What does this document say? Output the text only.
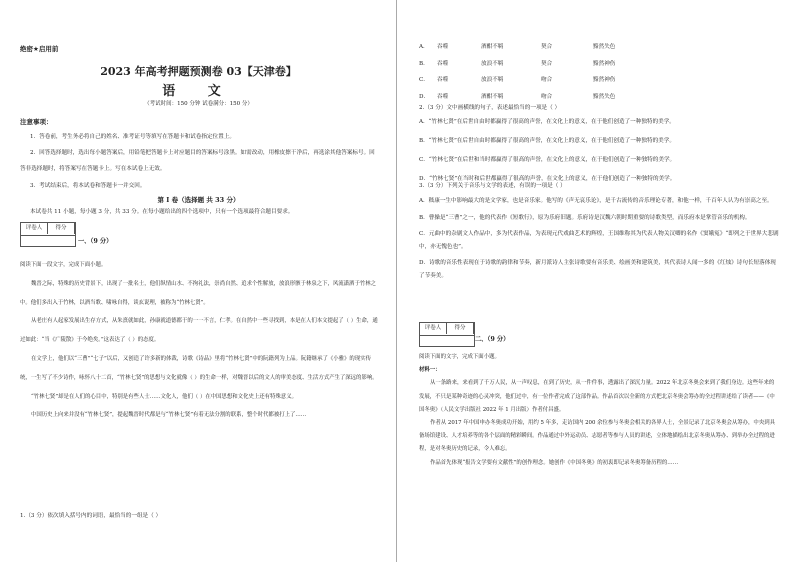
绝密★启用前
2023 年高考押题预测卷 03【天津卷】
语 文
（考试时间：150 分钟 试卷满分：150 分）
注意事项：

1．答卷前，考生务必将自己的姓名、准考证号等填写在答题卡和试卷指定位置上。

2．回答选择题时，选出每小题答案后，用铅笔把答题卡上对应题目的答案标号涂黑。如需改动，用橡皮擦干净后，再选涂其他答案标号。回答非选择题时，将答案写在答题卡上。写在本试卷上无效。

3．考试结束后，将本试卷和答题卡一并交回。

第 I 卷（选择题 共 33 分）

本试卷共 11 小题，每小题 3 分，共 33 分。在每小题给出的四个选项中，只有一个选项最符合题目要求。

评卷人	得分
一、（9 分）

阅读下面一段文字，完成下面小题。

魏晋之际，特殊的历史背景下，出现了一批名士，他们纵情山水、不拘礼法，崇尚自然、追求个性解放，放浪形骸于林泉之下，风流潇洒于竹林之中。他们多出入于竹林，以酒当歌、啸咏自得，谈玄说理，被称为“竹林七贤”。

从老庄有人起家发展出生存方式，从朱熹就如此，孙康就道德都于的一一不言，仁孝。在自然中一些寻找到，本是在人们本文提起了（ ）生命，通过如此：“当《广陵散》于今绝矣。”这表达了（ ）的态度。

在文学上，他们以“三曹”“七子”以后，又创造了许多新的体裁，诗歌《诗品》里将“竹林七贤”中的阮籍列为上品。阮籍继承了《小雅》的现实传统，一生写了不少诗作，咏怀八十二首，“竹林七贤”的思想与文化就像（ ）的生命一样，对魏晋以后的文人的审美态度、生活方式产生了深远的影响。

“竹林七贤”却是在人们的心目中，特别是有些人士……文化人，他们（ ）在中国思想和文化史上还有特殊意义。

中国历史上向来并没有“竹林七贤”，提起魏晋时代都是与“竹林七贤”有着无法分割的联系，整个时代都被打上了……

1.（3 分）依次填入括号内的词语，最恰当的一组是（ ）
A．	吞噬	酒酣不羁	契合	黯然失色
B．	吞噬	放浪不羁	契合	黯然神伤
C．	吞噬	放浪不羁	吻合	黯然神伤
D．	吞噬	酒酣不羁	吻合	黯然失色

2.（3 分）文中画横线的句子，表述最恰当的一项是（ ）

A．“竹林七贤”在后世自由时都赢得了很高的声誉，在文化上的意义，在于他们创造了一种独特的美学。

B．“竹林七贤”在后世自由时都赢得了很高的声誉，在文化上的意义，在于他们创造了一种独特的美学。

C．“竹林七贤”在后世和当时都赢得了很高的声誉，在文化上的意义，在于他们创造了一种独特的美学。

D．“竹林七贤”在当时和后世都赢得了很高的声誉，在文化上的意义，在于他们创造了一种独特的美学。

3.（3 分）下列关于音乐与文学的表述，有误的一项是（ ）

A．嵇康一生中影响最大的是文学家，也是音乐家。他写的《声无哀乐论》，是千古流传的音乐理论专著，和他一样，千百年人认为有崇高之至。

B．曹操是“三曹”之一，他的代表作《短歌行》，原为乐府旧题。乐府诗是汉魏六朝时期重要的诗歌类型，而乐府本是掌管音乐的机构。

C．元曲中的杂剧文人作品中，多为代表作品，为表现元代戏曲艺术的辉煌，王国维称其为代表人物关汉卿的名作《窦娥冤》“即列之于世界大悲剧中，亦无愧色也”。

D．诗歌的音乐性表现在于诗歌的韵律和节奏，新月派诗人主张诗歌要有音乐美、绘画美和建筑美，其代表诗人闻一多的《红烛》诗句长短落体现了节奏美。

评卷人	得分
二、（9 分）

阅读下面的文字，完成下面小题。

材料一：

从一条路来，来看到了千万人民，从一声叹息，在到了历史，从一件件事，透露出了深沉力量。2022 年北京冬奥会来到了我们身边。这些年来的发展，不只是某种奇迹的心灵冲突，他们过中，有一位作者完成了这部作品。作品首次以全新的方式把北京冬奥会筹办的全过程讲述给了读者——《中国冬奥》（人民文学出版社 2022 年 1 月出版）作者付昌盛。

作者从 2017 年中国申办冬奥成功开始，用约 5 年多，走访国内 200 余位参与冬奥会相关的各界人士，全景记录了北京冬奥会从筹办，中央到具备场馆建设、人才培养等的各个层面的精彩瞬间。作品通过中外运动员、志愿者等参与人员的讲述，立体地描绘出北京冬奥从筹办、到举办全过程的进程，是对冬奥历史的记录，令人难忘。

作品首先体现“报告文学要有文献性”的创作理念。她创作《中国冬奥》的初衷即记录冬奥筹备历程的……
